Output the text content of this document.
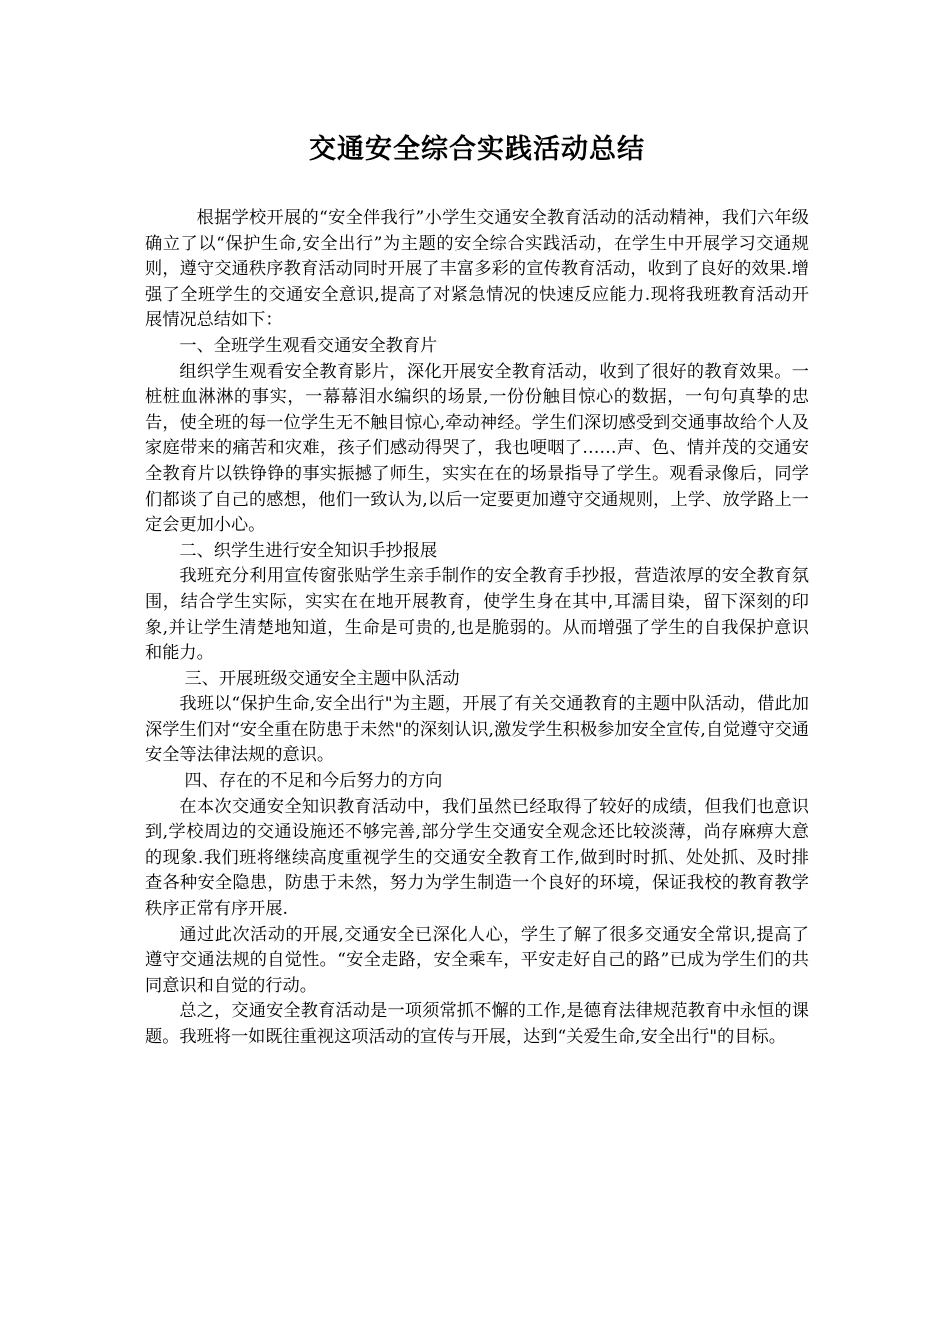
交通安全综合实践活动总结

根据学校开展的“安全伴我行”小学生交通安全教育活动的活动精神，我们六年级确立了以“保护生命,安全出行”为主题的安全综合实践活动，在学生中开展学习交通规则，遵守交通秩序教育活动同时开展了丰富多彩的宣传教育活动，收到了良好的效果.增强了全班学生的交通安全意识,提高了对紧急情况的快速反应能力.现将我班教育活动开展情况总结如下：

一、全班学生观看交通安全教育片

组织学生观看安全教育影片，深化开展安全教育活动，收到了很好的教育效果。一桩桩血淋淋的事实，一幕幕泪水编织的场景,一份份触目惊心的数据，一句句真挚的忠告，使全班的每一位学生无不触目惊心,牵动神经。学生们深切感受到交通事故给个人及家庭带来的痛苦和灾难，孩子们感动得哭了，我也哽咽了……声、色、情并茂的交通安全教育片以铁铮铮的事实振撼了师生，实实在在的场景指导了学生。观看录像后，同学们都谈了自己的感想，他们一致认为,以后一定要更加遵守交通规则，上学、放学路上一定会更加小心。

二、织学生进行安全知识手抄报展

我班充分利用宣传窗张贴学生亲手制作的安全教育手抄报，营造浓厚的安全教育氛围，结合学生实际，实实在在地开展教育，使学生身在其中,耳濡目染，留下深刻的印象,并让学生清楚地知道，生命是可贵的,也是脆弱的。从而增强了学生的自我保护意识和能力。

三、开展班级交通安全主题中队活动

我班以“保护生命,安全出行"为主题，开展了有关交通教育的主题中队活动，借此加深学生们对“安全重在防患于未然"的深刻认识,激发学生积极参加安全宣传,自觉遵守交通安全等法律法规的意识。

四、存在的不足和今后努力的方向

在本次交通安全知识教育活动中，我们虽然已经取得了较好的成绩，但我们也意识到,学校周边的交通设施还不够完善,部分学生交通安全观念还比较淡薄，尚存麻痹大意的现象.我们班将继续高度重视学生的交通安全教育工作,做到时时抓、处处抓、及时排查各种安全隐患，防患于未然，努力为学生制造一个良好的环境，保证我校的教育教学秩序正常有序开展.

通过此次活动的开展,交通安全已深化人心，学生了解了很多交通安全常识,提高了遵守交通法规的自觉性。“安全走路，安全乘车，平安走好自己的路”已成为学生们的共同意识和自觉的行动。

总之，交通安全教育活动是一项须常抓不懈的工作,是德育法律规范教育中永恒的课题。我班将一如既往重视这项活动的宣传与开展，达到“关爱生命,安全出行"的目标。
